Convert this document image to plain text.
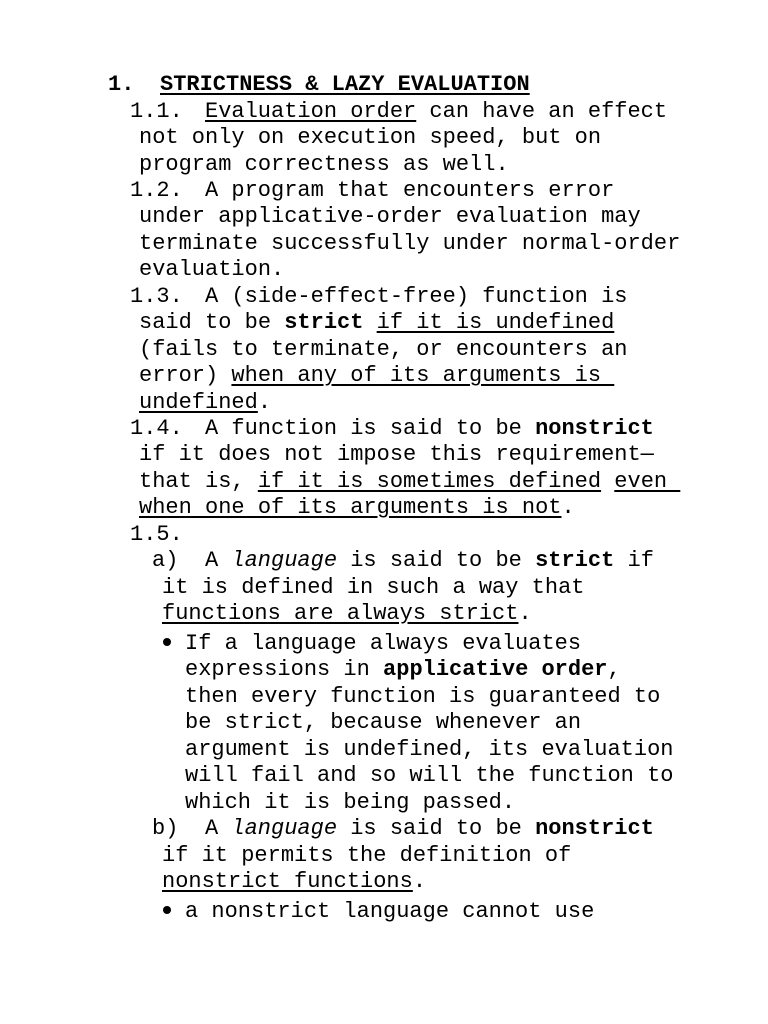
1. STRICTNESS & LAZY EVALUATION
1.1. Evaluation order can have an effect
not only on execution speed, but on
program correctness as well.
1.2. A program that encounters error
under applicative-order evaluation may
terminate successfully under normal-order
evaluation.
1.3. A (side-effect-free) function is
said to be strict if it is undefined
(fails to terminate, or encounters an
error) when any of its arguments is
undefined.
1.4. A function is said to be nonstrict
if it does not impose this requirement—
that is, if it is sometimes defined even
when one of its arguments is not.
1.5.
a) A language is said to be strict if
it is defined in such a way that
functions are always strict.
If a language always evaluates
expressions in applicative order,
then every function is guaranteed to
be strict, because whenever an
argument is undefined, its evaluation
will fail and so will the function to
which it is being passed.
b) A language is said to be nonstrict
if it permits the definition of
nonstrict functions.
a nonstrict language cannot use
